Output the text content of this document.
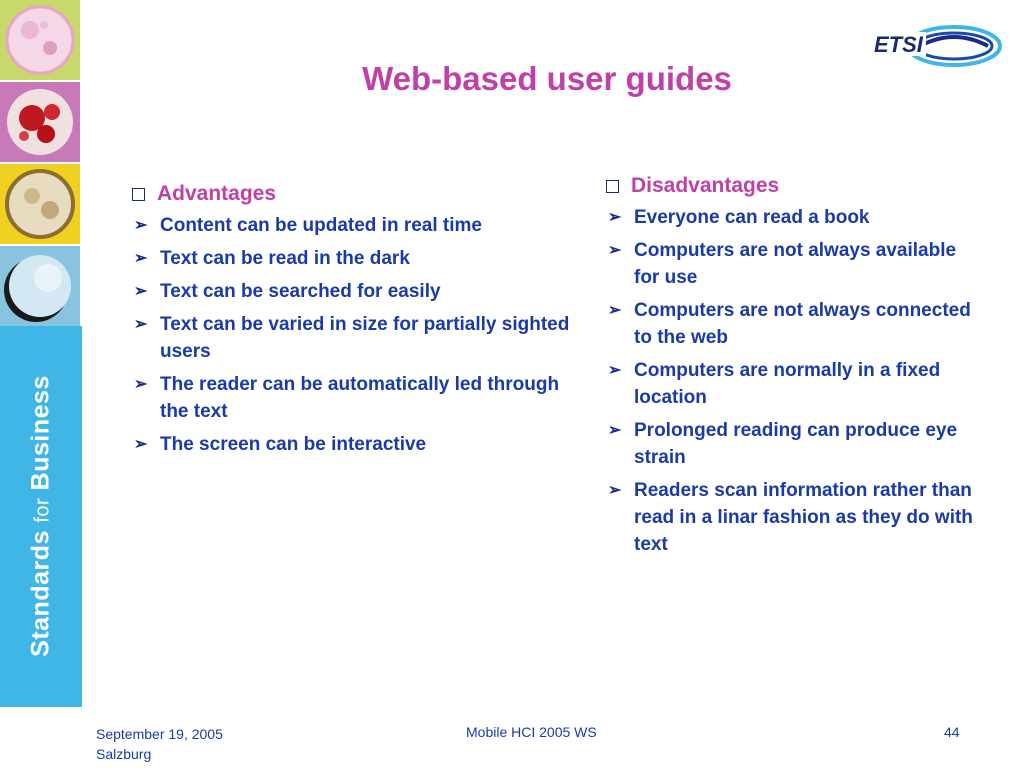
Standards for Business
ETSI
Web-based user guides
Advantages
➢ Content can be updated in real time
➢ Text can be read in the dark
➢ Text can be searched for easily
➢ Text can be varied in size for partially sighted users
➢ The reader can be automatically led through the text
➢ The screen can be interactive
Disadvantages
➢ Everyone can read a book
➢ Computers are not always available for use
➢ Computers are not always connected to the web
➢ Computers are normally in a fixed location
➢ Prolonged reading can produce eye strain
➢ Readers scan information rather than read in a linar fashion as they do with text
September 19, 2005
Salzburg
Mobile HCI 2005 WS	44
